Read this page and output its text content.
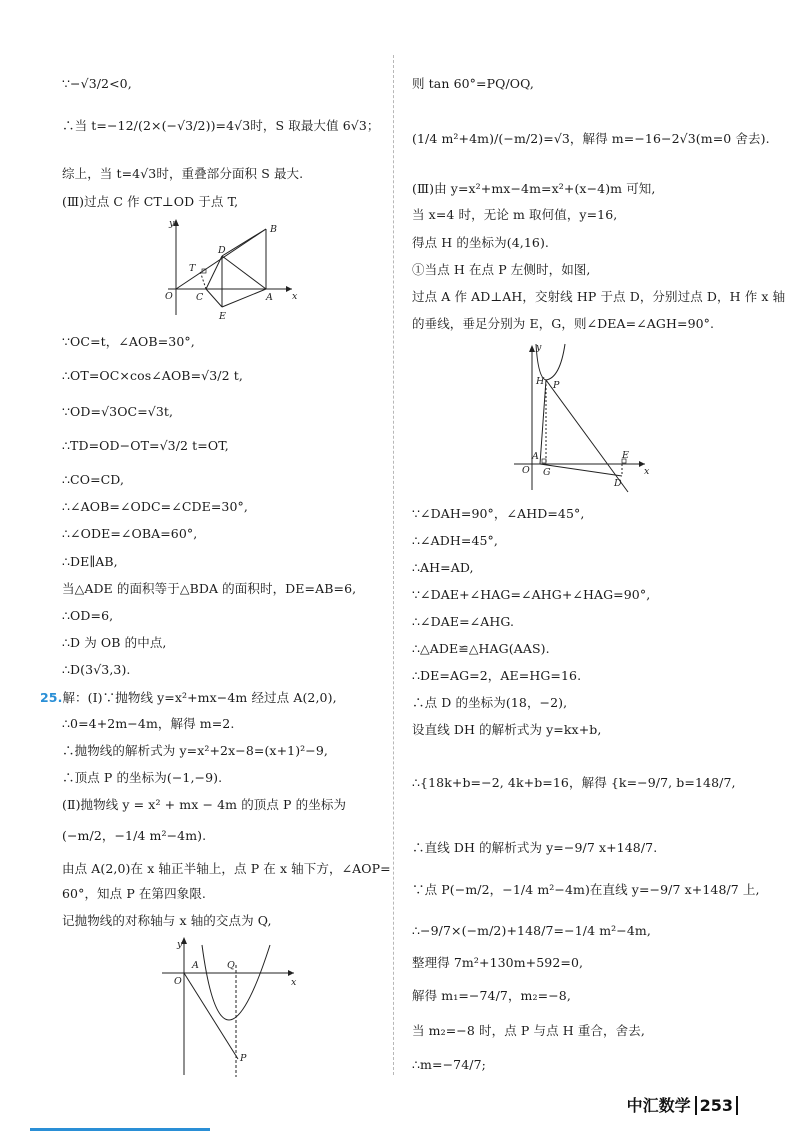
∵−√3/2<0,
∴当 t=−12/(2×(−√3/2))=4√3时，S 取最大值 6√3；
综上，当 t=4√3时，重叠部分面积 S 最大.
(Ⅲ)过点 C 作 CT⊥OD 于点 T,
y
B
T
D
O C	A x
E
∵OC=t，∠AOB=30°,
∴OT=OC×cos∠AOB=√3/2 t,
∵OD=√3OC=√3t,
∴TD=OD−OT=√3/2 t=OT,
∴CO=CD,
∴∠AOB=∠ODC=∠CDE=30°,
∴∠ODE=∠OBA=60°,
∴DE∥AB,
当△ADE 的面积等于△BDA 的面积时，DE=AB=6,
∴OD=6,
∴D 为 OB 的中点,
∴D(3√3,3).
25.解：(Ⅰ)∵抛物线 y=x²+mx−4m 经过点 A(2,0),
∴0=4+2m−4m，解得 m=2.
∴抛物线的解析式为 y=x²+2x−8=(x+1)²−9,
∴顶点 P 的坐标为(−1,−9).
(Ⅱ)抛物线 y = x² + mx − 4m 的顶点 P 的坐标为
(−m/2，−1/4 m²−4m).
由点 A(2,0)在 x 轴正半轴上，点 P 在 x 轴下方，∠AOP=
60°，知点 P 在第四象限.
记抛物线的对称轴与 x 轴的交点为 Q,
y
O
A	Q
x
P
则 tan 60°=PQ/OQ,
(1/4 m²+4m)/(−m/2)=√3，解得 m=−16−2√3(m=0 舍去).
(Ⅲ)由 y=x²+mx−4m=x²+(x−4)m 可知,
当 x=4 时，无论 m 取何值，y=16,
得点 H 的坐标为(4,16).
①当点 H 在点 P 左侧时，如图,
过点 A 作 AD⊥AH，交射线 HP 于点 D，分别过点 D，H 作 x 轴
的垂线，垂足分别为 E，G，则∠DEA=∠AGH=90°.
y
H P
A	E
O G
D
x
∵∠DAH=90°，∠AHD=45°,
∴∠ADH=45°,
∴AH=AD,
∵∠DAE+∠HAG=∠AHG+∠HAG=90°,
∴∠DAE=∠AHG.
∴△ADE≌△HAG(AAS).
∴DE=AG=2，AE=HG=16.
∴点 D 的坐标为(18，−2),
设直线 DH 的解析式为 y=kx+b,
∴{18k+b=−2, 4k+b=16，解得 {k=−9/7, b=148/7,
∴直线 DH 的解析式为 y=−9/7 x+148/7.
∵点 P(−m/2，−1/4 m²−4m)在直线 y=−9/7 x+148/7 上,
∴−9/7×(−m/2)+148/7=−1/4 m²−4m,
整理得 7m²+130m+592=0,
解得 m₁=−74/7，m₂=−8,
当 m₂=−8 时，点 P 与点 H 重合，舍去,
∴m=−74/7;
中汇数学 253
